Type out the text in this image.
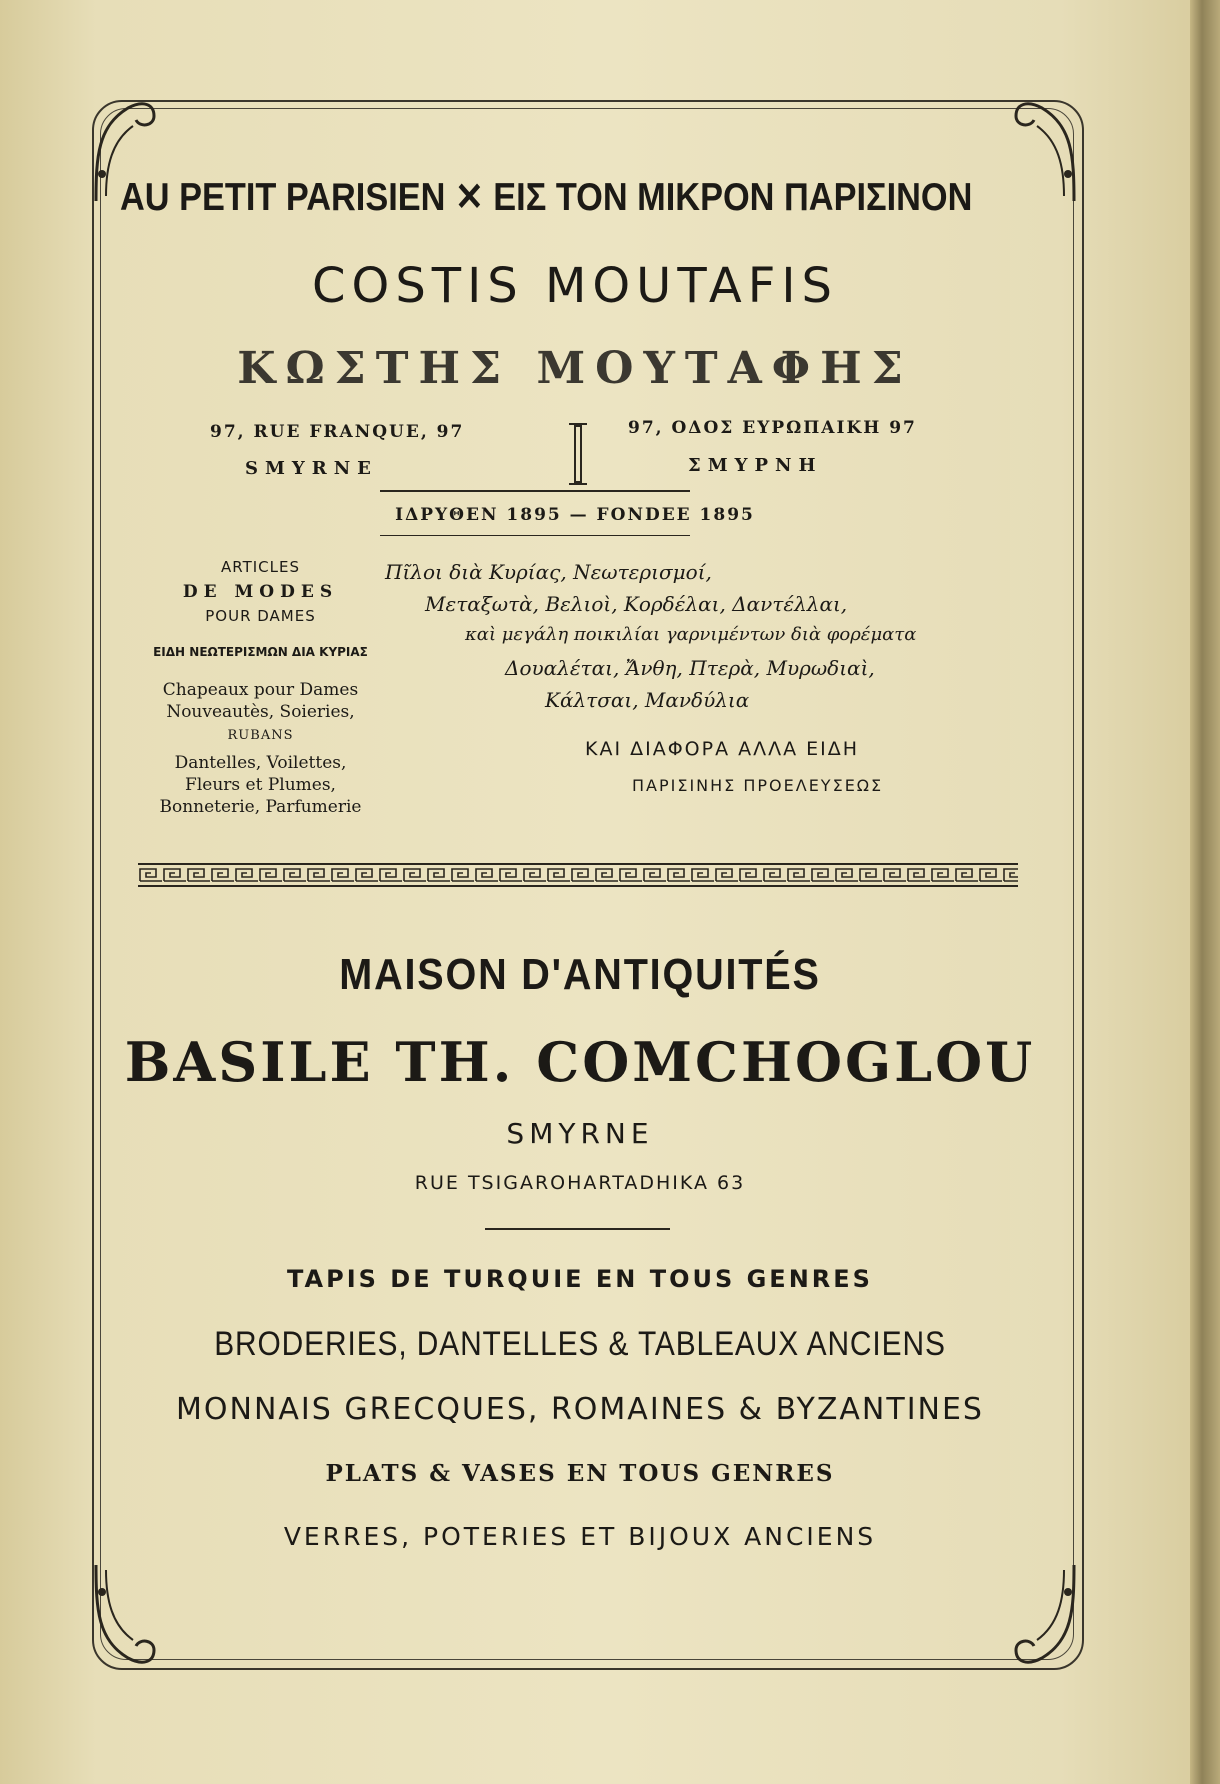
AU PETIT PARISIEN ✕ ΕΙΣ ΤΟΝ ΜΙΚΡΟΝ ΠΑΡΙΣΙΝΟΝ
COSTIS MOUTAFIS
ΚΩΣΤΗΣ ΜΟΥΤΑΦΗΣ
97, RUE FRANQUE, 97	97, ΟΔΟΣ ΕΥΡΩΠΑΙΚΗ 97
SMYRNE	ΣΜΥΡΝΗ
ΙΔΡΥΘΕΝ 1895 — FONDEE 1895
ARTICLES
DE MODES
POUR DAMES
ΕΙΔΗ ΝΕΩΤΕΡΙΣΜΩΝ ΔΙΑ ΚΥΡΙΑΣ
Chapeaux pour Dames
Nouveautès, Soieries,
RUBANS
Dantelles, Voilettes,
Fleurs et Plumes,
Bonneterie, Parfumerie
Πῖλοι διὰ Κυρίας, Νεωτερισμοί,
Μεταξωτὰ, Βελιοὶ, Κορδέλαι, Δαντέλλαι,
καὶ μεγάλη ποικιλίαι γαρνιμέντων διὰ φορέματα
Δουαλέται, Ἄνθη, Πτερὰ, Μυρωδιαὶ,
Κάλτσαι, Μανδύλια
ΚΑΙ ΔΙΑΦΟΡΑ ΑΛΛΑ ΕΙΔΗ
ΠΑΡΙΣΙΝΗΣ ΠΡΟΕΛΕΥΣΕΩΣ
MAISON D'ANTIQUITÉS
BASILE TH. COMCHOGLOU
SMYRNE
RUE TSIGAROHARTADHIKA 63
TAPIS DE TURQUIE EN TOUS GENRES
BRODERIES, DANTELLES & TABLEAUX ANCIENS
MONNAIS GRECQUES, ROMAINES & BYZANTINES
PLATS & VASES EN TOUS GENRES
VERRES, POTERIES ET BIJOUX ANCIENS
